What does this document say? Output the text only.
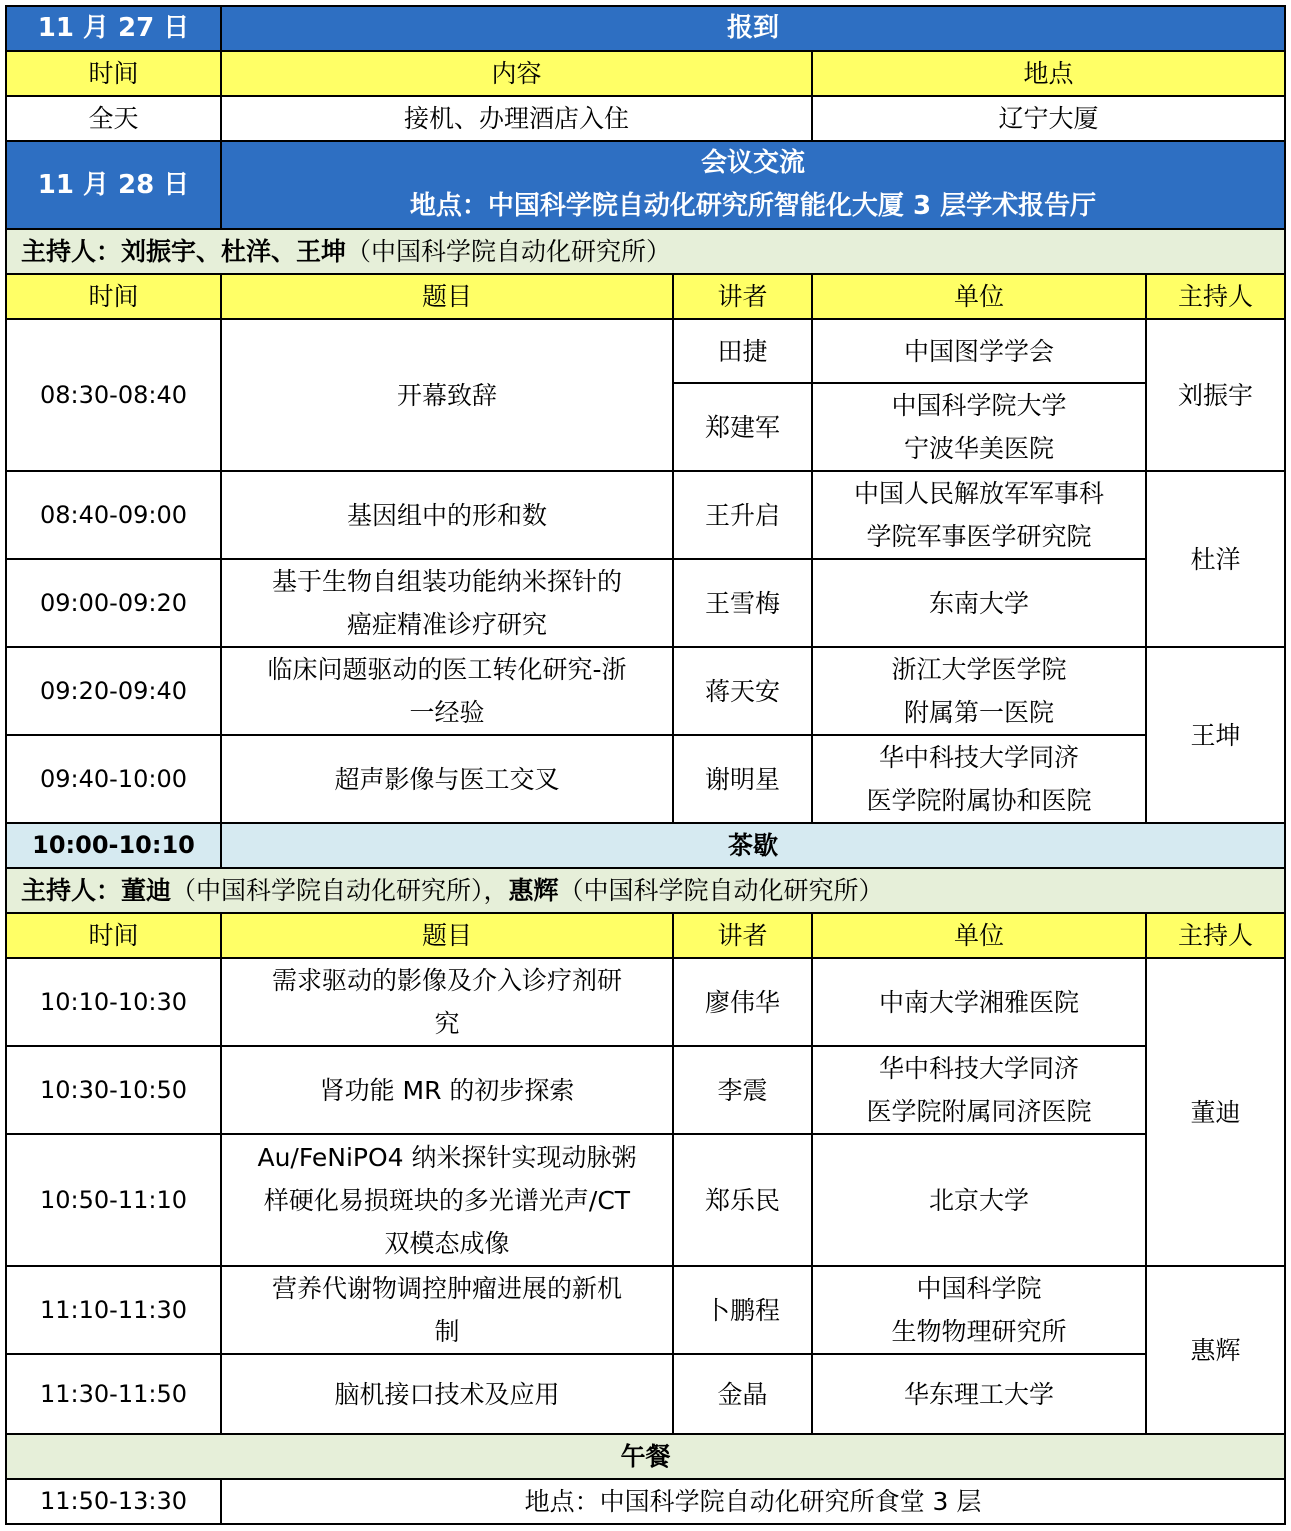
11 月 27 日	报到			
时间	内容		地点	
全天	接机、办理酒店入住		辽宁大厦	
11 月 28 日	会议交流
地点：中国科学院自动化研究所智能化大厦 3 层学术报告厅			

主持人：刘振宇、杜洋、王坤（中国科学院自动化研究所）				
时间	题目	讲者	单位	主持人
08:30-08:40	开幕致辞	田捷	中国图学学会	刘振宇
		郑建军	中国科学院大学
宁波华美医院	

08:40-09:00	基因组中的形和数	王升启	中国人民解放军军事科
学院军事医学研究院	杜洋
09:00-09:20	基于生物自组装功能纳米探针的
癌症精准诊疗研究	王雪梅	东南大学	
09:20-09:40	临床问题驱动的医工转化研究-浙
一经验	蒋天安	浙江大学医学院
附属第一医院	王坤
09:40-10:00	超声影像与医工交叉	谢明星	华中科技大学同济
医学院附属协和医院	

10:00-10:10	茶歇			
主持人：董迪（中国科学院自动化研究所），惠辉（中国科学院自动化研究所）				
时间	题目	讲者	单位	主持人
10:10-10:30	需求驱动的影像及介入诊疗剂研
究	廖伟华	中南大学湘雅医院	董迪
10:30-10:50	肾功能 MR 的初步探索	李震	华中科技大学同济
医学院附属同济医院	

10:50-11:10	Au/FeNiPO4 纳米探针实现动脉粥
样硬化易损斑块的多光谱光声/CT
双模态成像	郑乐民	北京大学	
11:10-11:30	营养代谢物调控肿瘤进展的新机
制	卜鹏程	中国科学院
生物物理研究所	惠辉
11:30-11:50	脑机接口技术及应用	金晶	华东理工大学	
午餐				
11:50-13:30	地点：中国科学院自动化研究所食堂 3 层			
